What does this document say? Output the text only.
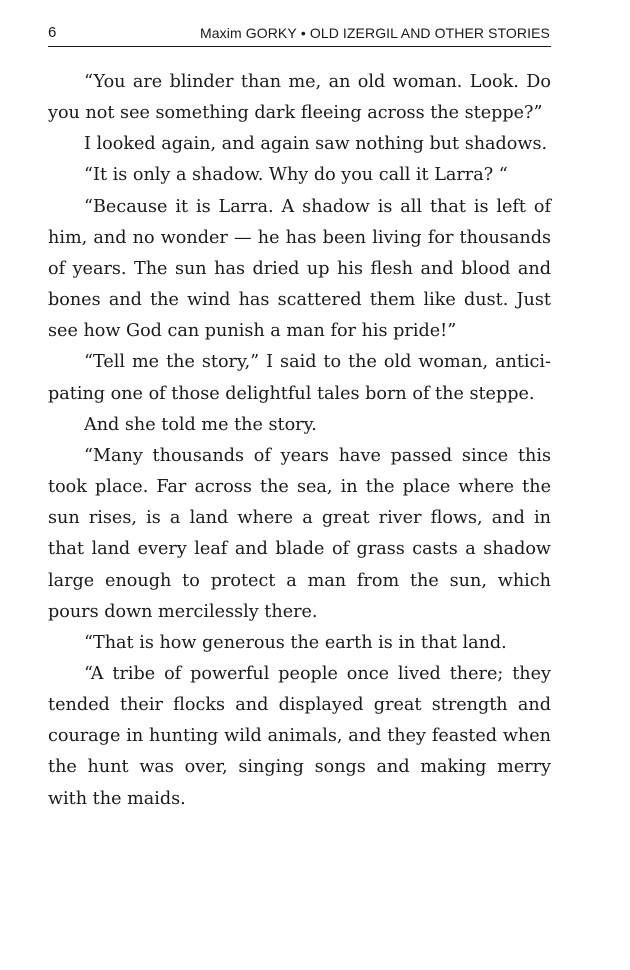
6	Maxim GORKY • OLD IZERGIL AND OTHER STORIES

“You are blinder than me, an old woman. Look. Do you not see something dark fleeing across the steppe?”

I looked again, and again saw nothing but shadows.

“It is only a shadow. Why do you call it Larra? “

“Because it is Larra. A shadow is all that is left of him, and no wonder — he has been living for thousands of years. The sun has dried up his flesh and blood and bones and the wind has scattered them like dust. Just see how God can punish a man for his pride!”

“Tell me the story,” I said to the old woman, anticipating one of those delightful tales born of the steppe.

And she told me the story.

“Many thousands of years have passed since this took place. Far across the sea, in the place where the sun rises, is a land where a great river flows, and in that land every leaf and blade of grass casts a shadow large enough to protect a man from the sun, which pours down mercilessly there.

“That is how generous the earth is in that land.

“A tribe of powerful people once lived there; they tended their flocks and displayed great strength and courage in hunting wild animals, and they feasted when the hunt was over, singing songs and making merry with the maids.
